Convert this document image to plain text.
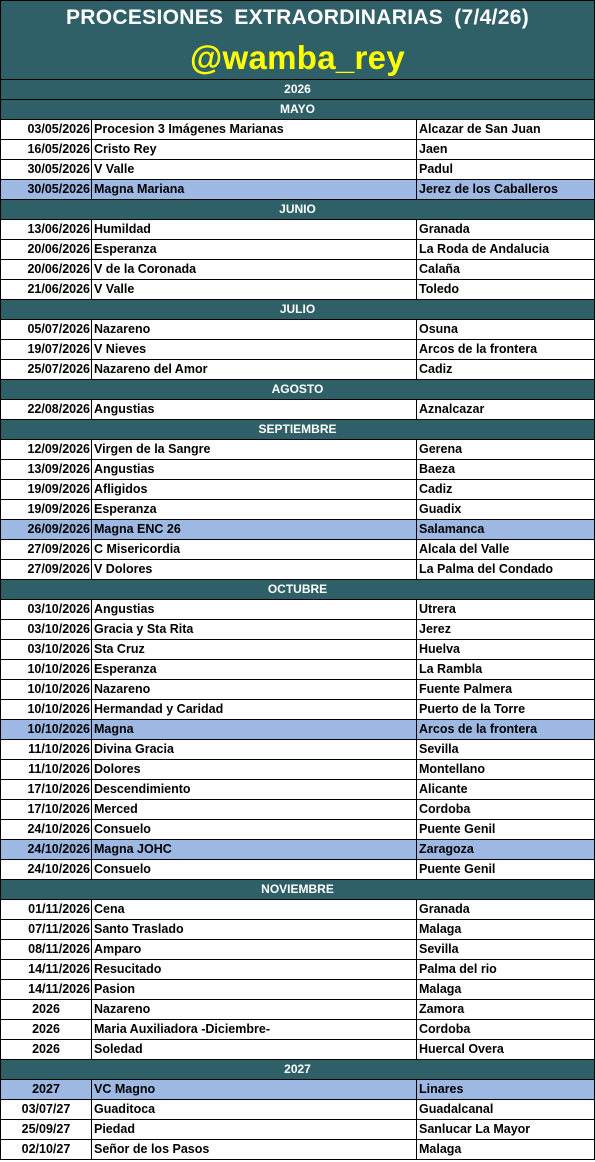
PROCESIONES EXTRAORDINARIAS (7/4/26)
@wamba_rey
2026
MAYO
03/05/2026 Procesion 3 Imágenes Marianas	Alcazar de San Juan
16/05/2026 Cristo Rey	Jaen
30/05/2026 V Valle	Padul
30/05/2026 Magna Mariana	Jerez de los Caballeros
JUNIO
13/06/2026 Humildad	Granada
20/06/2026 Esperanza	La Roda de Andalucia
20/06/2026 V de la Coronada	Calaña
21/06/2026 V Valle	Toledo
JULIO
05/07/2026 Nazareno	Osuna
19/07/2026 V Nieves	Arcos de la frontera
25/07/2026 Nazareno del Amor	Cadiz
AGOSTO
22/08/2026 Angustias	Aznalcazar
SEPTIEMBRE
12/09/2026 Virgen de la Sangre	Gerena
13/09/2026 Angustias	Baeza
19/09/2026 Afligidos	Cadiz
19/09/2026 Esperanza	Guadix
26/09/2026 Magna ENC 26	Salamanca
27/09/2026 C Misericordia	Alcala del Valle
27/09/2026 V Dolores	La Palma del Condado
OCTUBRE
03/10/2026 Angustias	Utrera
03/10/2026 Gracia y Sta Rita	Jerez
03/10/2026 Sta Cruz	Huelva
10/10/2026 Esperanza	La Rambla
10/10/2026 Nazareno	Fuente Palmera
10/10/2026 Hermandad y Caridad	Puerto de la Torre
10/10/2026 Magna	Arcos de la frontera
11/10/2026 Divina Gracia	Sevilla
11/10/2026 Dolores	Montellano
17/10/2026 Descendimiento	Alicante
17/10/2026 Merced	Cordoba
24/10/2026 Consuelo	Puente Genil
24/10/2026 Magna JOHC	Zaragoza
24/10/2026 Consuelo	Puente Genil
NOVIEMBRE
01/11/2026 Cena	Granada
07/11/2026 Santo Traslado	Malaga
08/11/2026 Amparo	Sevilla
14/11/2026 Resucitado	Palma del rio
14/11/2026 Pasion	Malaga
2026	Nazareno	Zamora
2026	Maria Auxiliadora -Diciembre-	Cordoba
2026	Soledad	Huercal Overa
2027
2027	VC Magno	Linares
03/07/27	Guaditoca	Guadalcanal
25/09/27	Piedad	Sanlucar La Mayor
02/10/27	Señor de los Pasos	Malaga
